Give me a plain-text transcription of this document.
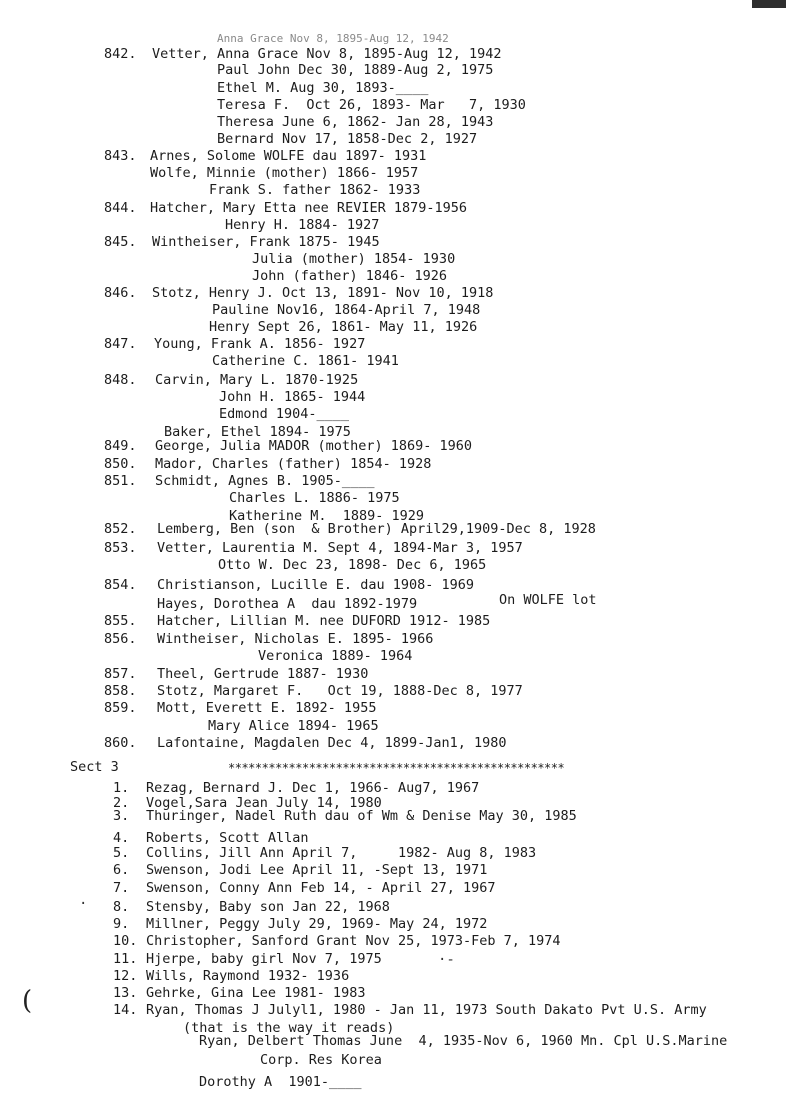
Anna Grace Nov 8, 1895-Aug 12, 1942
842. Vetter, Anna Grace Nov 8, 1895-Aug 12, 1942
Paul John Dec 30, 1889-Aug 2, 1975
Ethel M. Aug 30, 1893-____
Teresa F.  Oct 26, 1893- Mar   7, 1930
Theresa June 6, 1862- Jan 28, 1943
Bernard Nov 17, 1858-Dec 2, 1927
843. Arnes, Solome WOLFE dau 1897- 1931
Wolfe, Minnie (mother) 1866- 1957
Frank S. father 1862- 1933
844. Hatcher, Mary Etta nee REVIER 1879-1956
Henry H. 1884- 1927
845. Wintheiser, Frank 1875- 1945
Julia (mother) 1854- 1930
John (father) 1846- 1926
846. Stotz, Henry J. Oct 13, 1891- Nov 10, 1918
Pauline Nov16, 1864-April 7, 1948
Henry Sept 26, 1861- May 11, 1926
847. Young, Frank A. 1856- 1927
Catherine C. 1861- 1941
848. Carvin, Mary L. 1870-1925
John H. 1865- 1944
Edmond 1904-____
Baker, Ethel 1894- 1975
849. George, Julia MADOR (mother) 1869- 1960
850. Mador, Charles (father) 1854- 1928
851. Schmidt, Agnes B. 1905-____
Charles L. 1886- 1975
Katherine M.  1889- 1929
852. Lemberg, Ben (son  & Brother) April29,1909-Dec 8, 1928
853. Vetter, Laurentia M. Sept 4, 1894-Mar 3, 1957
Otto W. Dec 23, 1898- Dec 6, 1965
854. Christianson, Lucille E. dau 1908- 1969
Hayes, Dorothea A  dau 1892-1979	On WOLFE lot
855. Hatcher, Lillian M. nee DUFORD 1912- 1985
856. Wintheiser, Nicholas E. 1895- 1966
Veronica 1889- 1964
857. Theel, Gertrude 1887- 1930
858. Stotz, Margaret F.   Oct 19, 1888-Dec 8, 1977
859. Mott, Everett E. 1892- 1955
Mary Alice 1894- 1965
860. Lafontaine, Magdalen Dec 4, 1899-Jan1, 1980
Sect 3	**************************************************
1. Rezag, Bernard J. Dec 1, 1966- Aug7, 1967
2. Vogel,Sara Jean July 14, 1980
3. Thuringer, Nadel Ruth dau of Wm & Denise May 30, 1985
4. Roberts, Scott Allan
5. Collins, Jill Ann April 7,     1982- Aug 8, 1983
6. Swenson, Jodi Lee April 11, -Sept 13, 1971
7. Swenson, Conny Ann Feb 14, - April 27, 1967
8. Stensby, Baby son Jan 22, 1968
9. Millner, Peggy July 29, 1969- May 24, 1972
10. Christopher, Sanford Grant Nov 25, 1973-Feb 7, 1974
11. Hjerpe, baby girl Nov 7, 1975
12. Wills, Raymond 1932- 1936
13. Gehrke, Gina Lee 1981- 1983
14. Ryan, Thomas J Julyl1, 1980 - Jan 11, 1973 South Dakato Pvt U.S. Army
(that is the way it reads)
Ryan, Delbert Thomas June  4, 1935-Nov 6, 1960 Mn. Cpl U.S.Marine
Corp. Res Korea
Dorothy A  1901-____
(
·
·-
